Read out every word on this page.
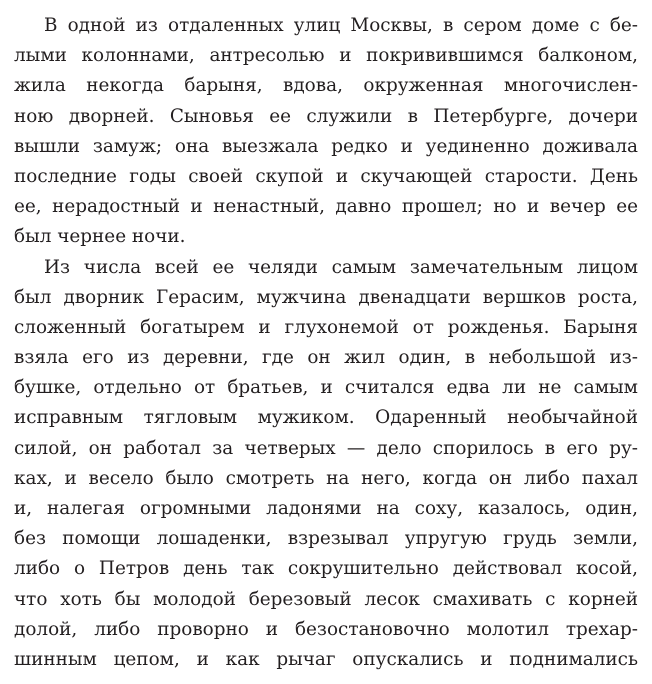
В одной из отдаленных улиц Москвы, в сером доме с бе-
лыми колоннами, антресолью и покривившимся балконом,
жила некогда барыня, вдова, окруженная многочислен-
ною дворней. Сыновья ее служили в Петербурге, дочери
вышли замуж; она выезжала редко и уединенно доживала
последние годы своей скупой и скучающей старости. День
ее, нерадостный и ненастный, давно прошел; но и вечер ее
был чернее ночи.
Из числа всей ее челяди самым замечательным лицом
был дворник Герасим, мужчина двенадцати вершков роста,
сложенный богатырем и глухонемой от рожденья. Барыня
взяла его из деревни, где он жил один, в небольшой из-
бушке, отдельно от братьев, и считался едва ли не самым
исправным тягловым мужиком. Одаренный необычайной
силой, он работал за четверых — дело спорилось в его ру-
ках, и весело было смотреть на него, когда он либо пахал
и, налегая огромными ладонями на соху, казалось, один,
без помощи лошаденки, взрезывал упругую грудь земли,
либо о Петров день так сокрушительно действовал косой,
что хоть бы молодой березовый лесок смахивать с корней
долой, либо проворно и безостановочно молотил трехар-
шинным цепом, и как рычаг опускались и поднимались
